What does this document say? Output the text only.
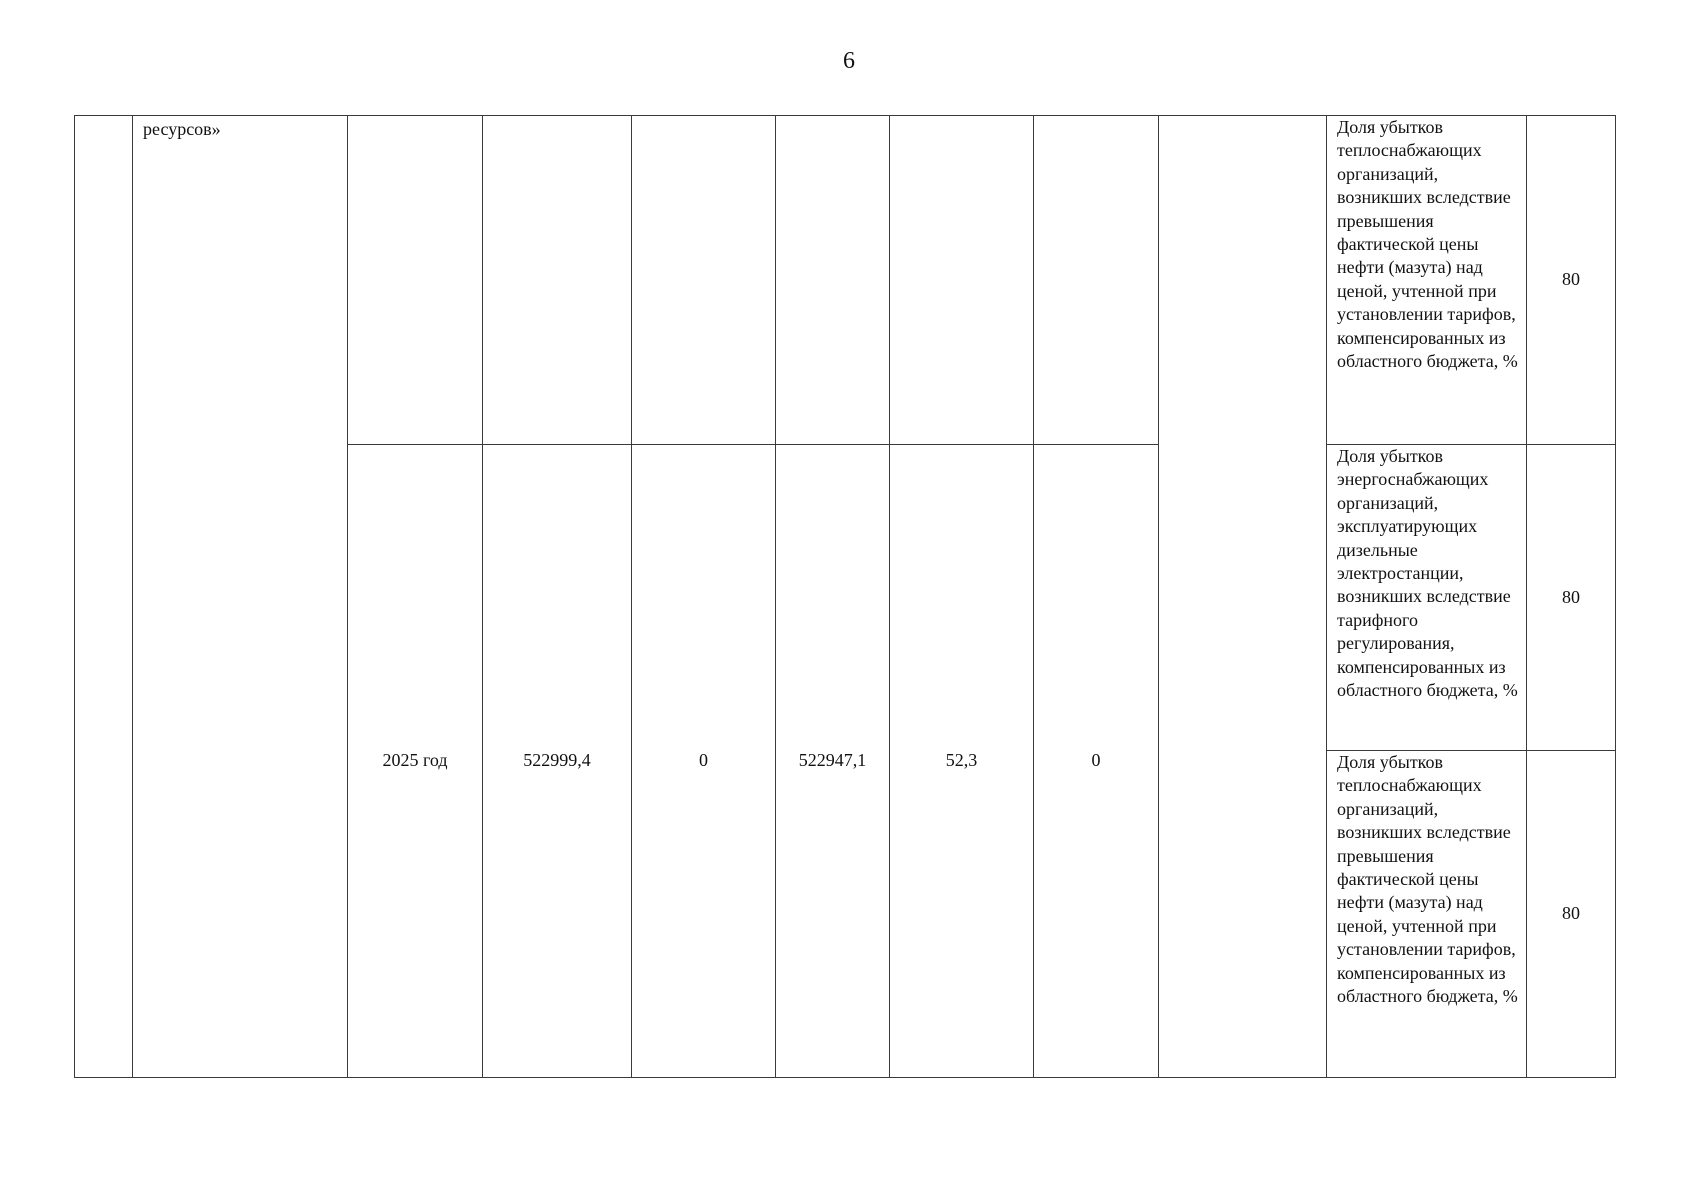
6
	ресурсов»								Доля убытков теплоснабжающих организаций, возникших вследствие превышения фактической цены нефти (мазута) над ценой, учтенной при установлении тарифов, компенсированных из областного бюджета, %	80
		2025 год	522999,4	0	522947,1	52,3	0		Доля убытков энергоснабжающих организаций, эксплуатирующих дизельные электростанции, возникших вследствие тарифного регулирования, компенсированных из областного бюджета, %	80
									Доля убытков теплоснабжающих организаций, возникших вследствие превышения фактической цены нефти (мазута) над ценой, учтенной при установлении тарифов, компенсированных из областного бюджета, %	80
